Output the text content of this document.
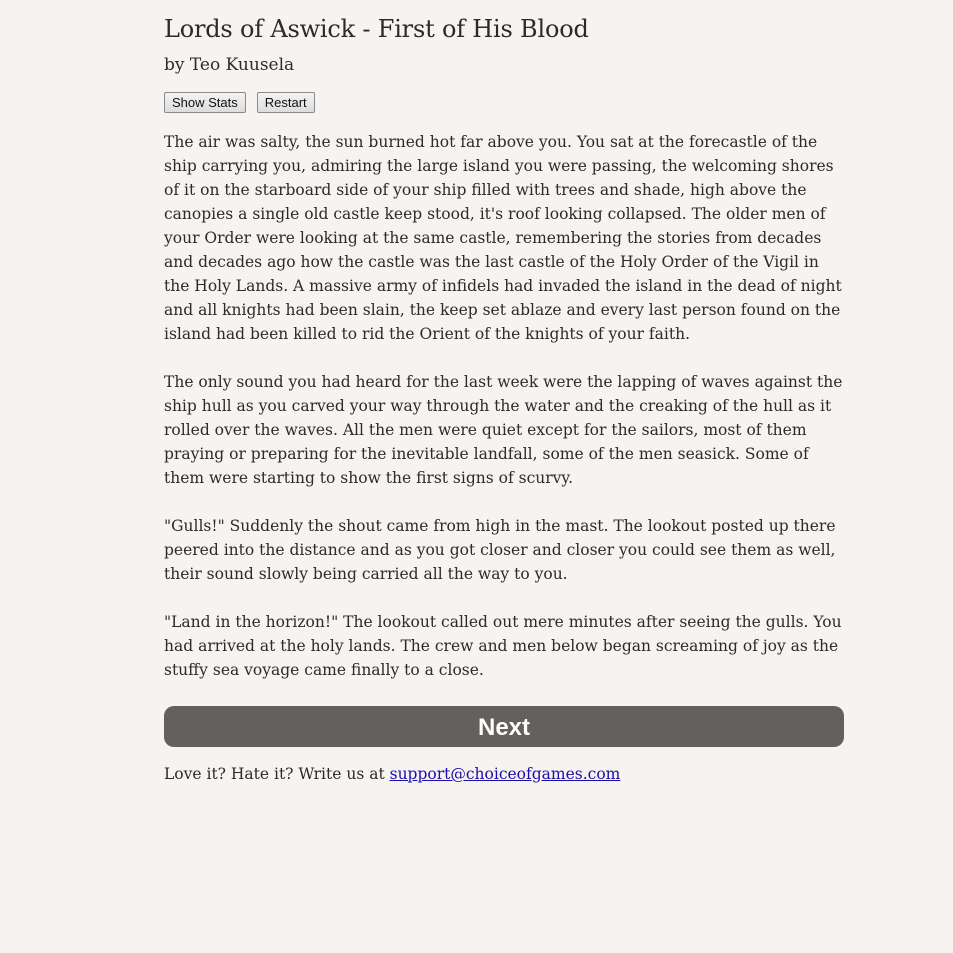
Lords of Aswick - First of His Blood

by Teo Kuusela

Show Stats	Restart

The air was salty, the sun burned hot far above you. You sat at the forecastle of the ship carrying you, admiring the large island you were passing, the welcoming shores of it on the starboard side of your ship filled with trees and shade, high above the canopies a single old castle keep stood, it's roof looking collapsed. The older men of your Order were looking at the same castle, remembering the stories from decades and decades ago how the castle was the last castle of the Holy Order of the Vigil in the Holy Lands. A massive army of infidels had invaded the island in the dead of night and all knights had been slain, the keep set ablaze and every last person found on the island had been killed to rid the Orient of the knights of your faith.

The only sound you had heard for the last week were the lapping of waves against the ship hull as you carved your way through the water and the creaking of the hull as it rolled over the waves. All the men were quiet except for the sailors, most of them praying or preparing for the inevitable landfall, some of the men seasick. Some of them were starting to show the first signs of scurvy.

"Gulls!" Suddenly the shout came from high in the mast. The lookout posted up there peered into the distance and as you got closer and closer you could see them as well, their sound slowly being carried all the way to you.

"Land in the horizon!" The lookout called out mere minutes after seeing the gulls. You had arrived at the holy lands. The crew and men below began screaming of joy as the stuffy sea voyage came finally to a close.

Next
Love it? Hate it? Write us at support@choiceofgames.com
